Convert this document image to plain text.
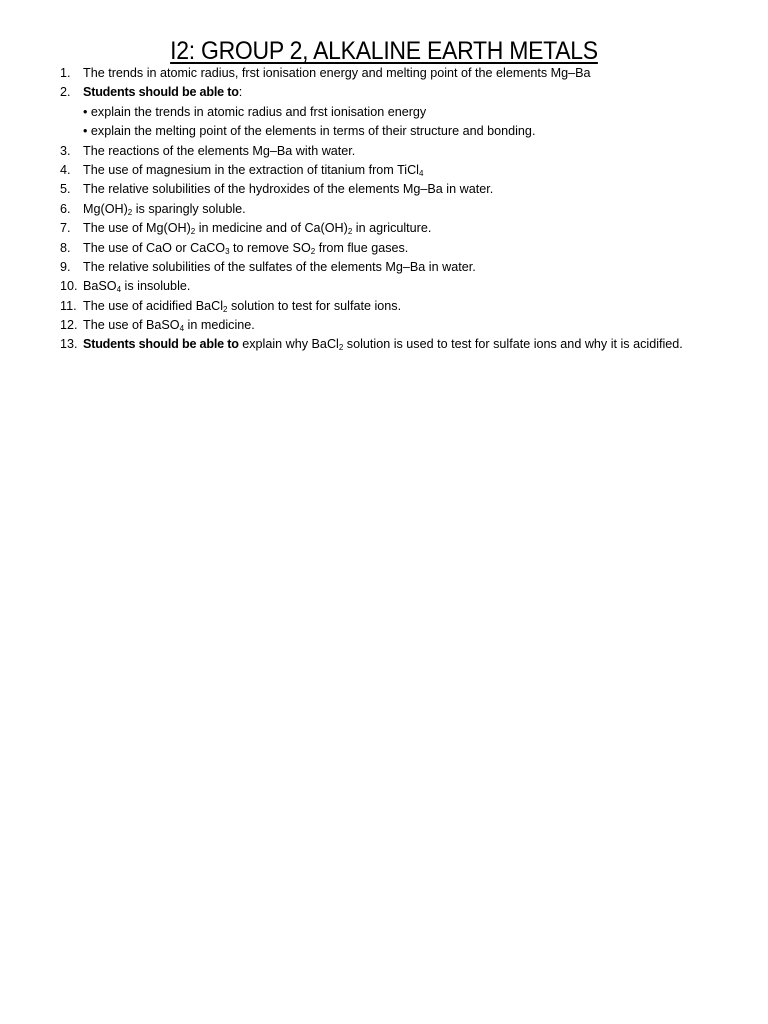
I2: GROUP 2, ALKALINE EARTH METALS
1. The trends in atomic radius, frst ionisation energy and melting point of the elements Mg–Ba
2. Students should be able to:
• explain the trends in atomic radius and frst ionisation energy
• explain the melting point of the elements in terms of their structure and bonding.
3. The reactions of the elements Mg–Ba with water.
4. The use of magnesium in the extraction of titanium from TiCl$_4$
5. The relative solubilities of the hydroxides of the elements Mg–Ba in water.
6. $Mg(OH)_2$ is sparingly soluble.
7. The use of $Mg(OH)_2$ in medicine and of $Ca(OH)_2$ in agriculture.
8. The use of CaO or CaCO$_3$ to remove $SO_2$ from flue gases.
9. The relative solubilities of the sulfates of the elements Mg–Ba in water.
10. BaSO$_4$ is insoluble.
11. The use of acidified BaCl$_2$ solution to test for sulfate ions.
12. The use of BaSO$_4$ in medicine.
13. Students should be able to explain why BaCl$_2$ solution is used to test for sulfate ions and why it is acidified.
